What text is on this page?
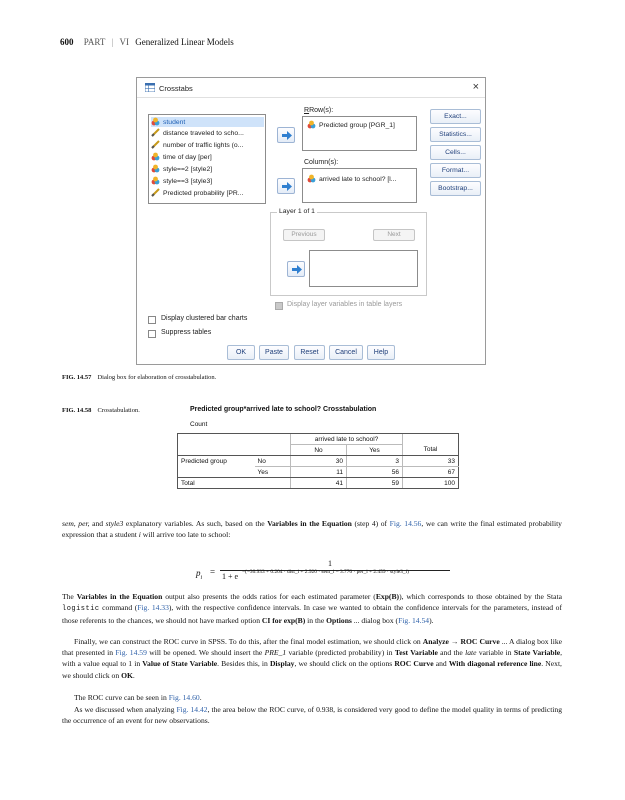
600 PART | VI Generalized Linear Models
Crosstabs	×
student
distance traveled to scho...
number of traffic lights (o...
time of day [per]
style==2 [style2]
style==3 [style3]
Predicted probability [PR...
RRow(s):
Predicted group [PGR_1]
Column(s):
arrived late to school? [l...
Exact...
Statistics...
Cells...
Format...
Bootstrap...
Layer 1 of 1
Previous	Next
Display layer variables in table layers
Display clustered bar charts
Suppress tables
OK	Paste	Reset	Cancel	Help
FIG. 14.57 Dialog box for elaboration of crosstabulation.
FIG. 14.58 Crosstabulation.	Predicted group*arrived late to school? Crosstabulation
Count
		arrived late to school?		
		No	Yes	Total
Predicted group	No	30	3	33
	Yes	11	56	67
Total		41	59	100
sem, per, and style3 explanatory variables. As such, based on the Variables in the Equation (step 4) of Fig. 14.56, we can write the final estimated probability expression that a student i will arrive too late to school:
$p_i$
=
1
1 + e −(−30.933 + 0.204 · dist_i + 2.920 · sem_i − 3.776 · per_i + 2.459 · style3_i)
The Variables in the Equation output also presents the odds ratios for each estimated parameter (Exp(B)), which corresponds to those obtained by the Stata logistic command (Fig. 14.33), with the respective confidence intervals. In case we wanted to obtain the confidence intervals for the parameters, instead of those referents to the chances, we should not have marked option CI for exp(B) in the Options ... dialog box (Fig. 14.54).
Finally, we can construct the ROC curve in SPSS. To do this, after the final model estimation, we should click on Analyze → ROC Curve ... A dialog box like that presented in Fig. 14.59 will be opened. We should insert the PRE_1 variable (predicted probability) in Test Variable and the late variable in State Variable, with a value equal to 1 in Value of State Variable. Besides this, in Display, we should click on the options ROC Curve and With diagonal reference line. Next, we should click on OK.
The ROC curve can be seen in Fig. 14.60.
As we discussed when analyzing Fig. 14.42, the area below the ROC curve, of 0.938, is considered very good to define the model quality in terms of predicting the occurrence of an event for new observations.
